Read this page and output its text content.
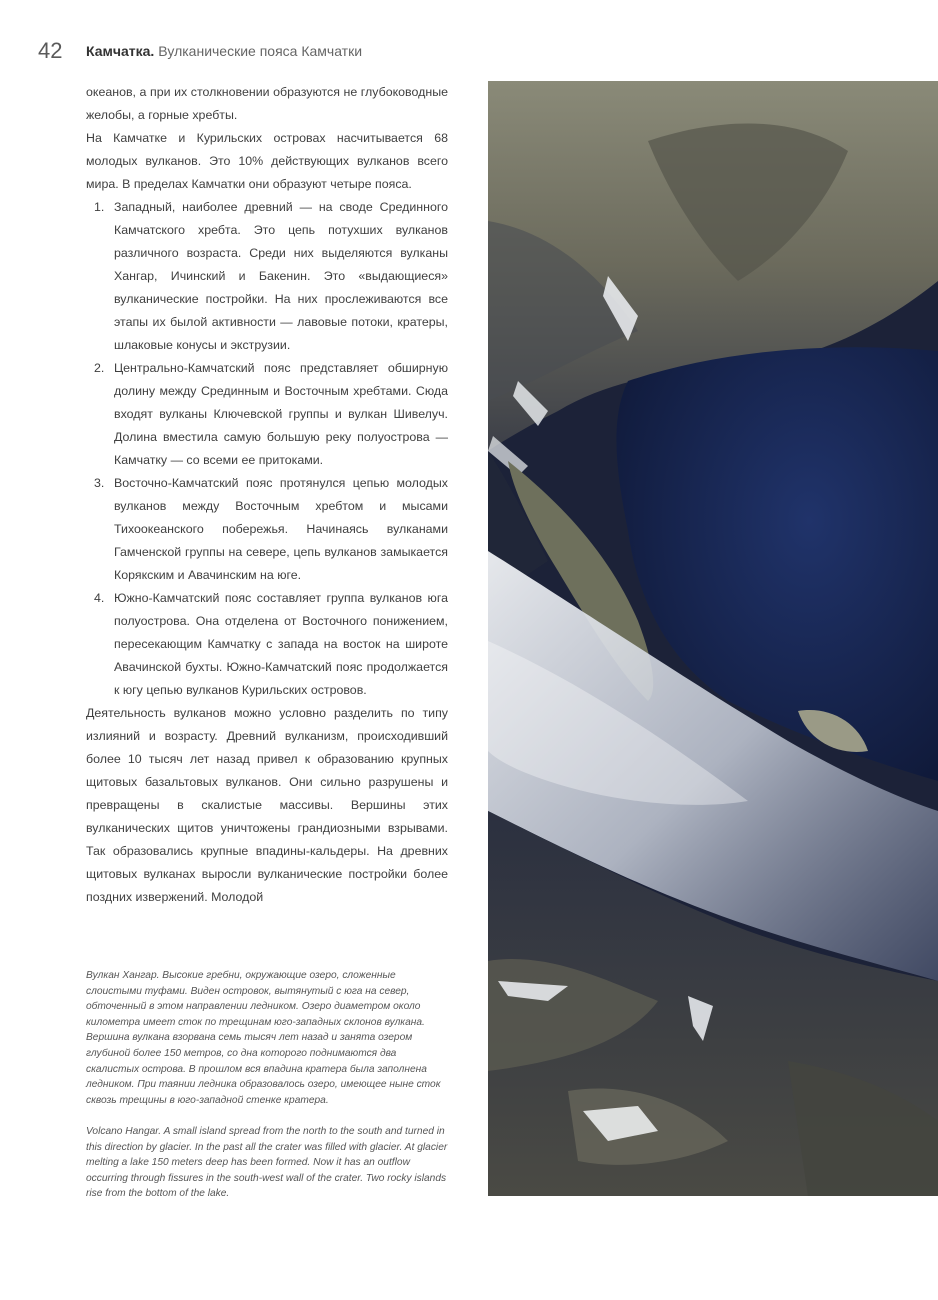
42 Камчатка. Вулканические пояса Камчатки

океанов, а при их столкновении образуются не глубоководные желобы, а горные хребты.

На Камчатке и Курильских островах насчитывается 68 молодых вулканов. Это 10% действующих вулканов всего мира. В пределах Камчатки они образуют четыре пояса.

1. Западный, наиболее древний — на своде Срединного Камчатского хребта. Это цепь потухших вулканов различного возраста. Среди них выделяются вулканы Хангар, Ичинский и Бакенин. Это «выдающиеся» вулканические постройки. На них прослеживаются все этапы их былой активности — лавовые потоки, кратеры, шлаковые конусы и экструзии.
2. Центрально-Камчатский пояс представляет обширную долину между Срединным и Восточным хребтами. Сюда входят вулканы Ключевской группы и вулкан Шивелуч. Долина вместила самую большую реку полуострова — Камчатку — со всеми ее притоками.
3. Восточно-Камчатский пояс протянулся цепью молодых вулканов между Восточным хребтом и мысами Тихоокеанского побережья. Начинаясь вулканами Гамченской группы на севере, цепь вулканов замыкается Корякским и Авачинским на юге.
4. Южно-Камчатский пояс составляет группа вулканов юга полуострова. Она отделена от Восточного понижением, пересекающим Камчатку с запада на восток на широте Авачинской бухты. Южно-Камчатский пояс продолжается к югу цепью вулканов Курильских островов.

Деятельность вулканов можно условно разделить по типу излияний и возрасту. Древний вулканизм, происходивший более 10 тысяч лет назад привел к образованию крупных щитовых базальтовых вулканов. Они сильно разрушены и превращены в скалистые массивы. Вершины этих вулканических щитов уничтожены грандиозными взрывами. Так образовались крупные впадины-кальдеры. На древних щитовых вулканах выросли вулканические постройки более поздних извержений. Молодой

Вулкан Хангар. Высокие гребни, окружающие озеро, сложенные слоистыми туфами. Виден островок, вытянутый с юга на север, обточенный в этом направлении ледником. Озеро диаметром около километра имеет сток по трещинам юго-западных склонов вулкана. Вершина вулкана взорвана семь тысяч лет назад и занята озером глубиной более 150 метров, со дна которого поднимаются два скалистых острова. В прошлом вся впадина кратера была заполнена ледником. При таянии ледника образовалось озеро, имеющее ныне сток сквозь трещины в юго-западной стенке кратера.
Volcano Hangar. A small island spread from the north to the south and turned in this direction by glacier. In the past all the crater was filled with glacier. At glacier melting a lake 150 meters deep has been formed. Now it has an outflow occurring through fissures in the south-west wall of the crater. Two rocky islands rise from the bottom of the lake.
